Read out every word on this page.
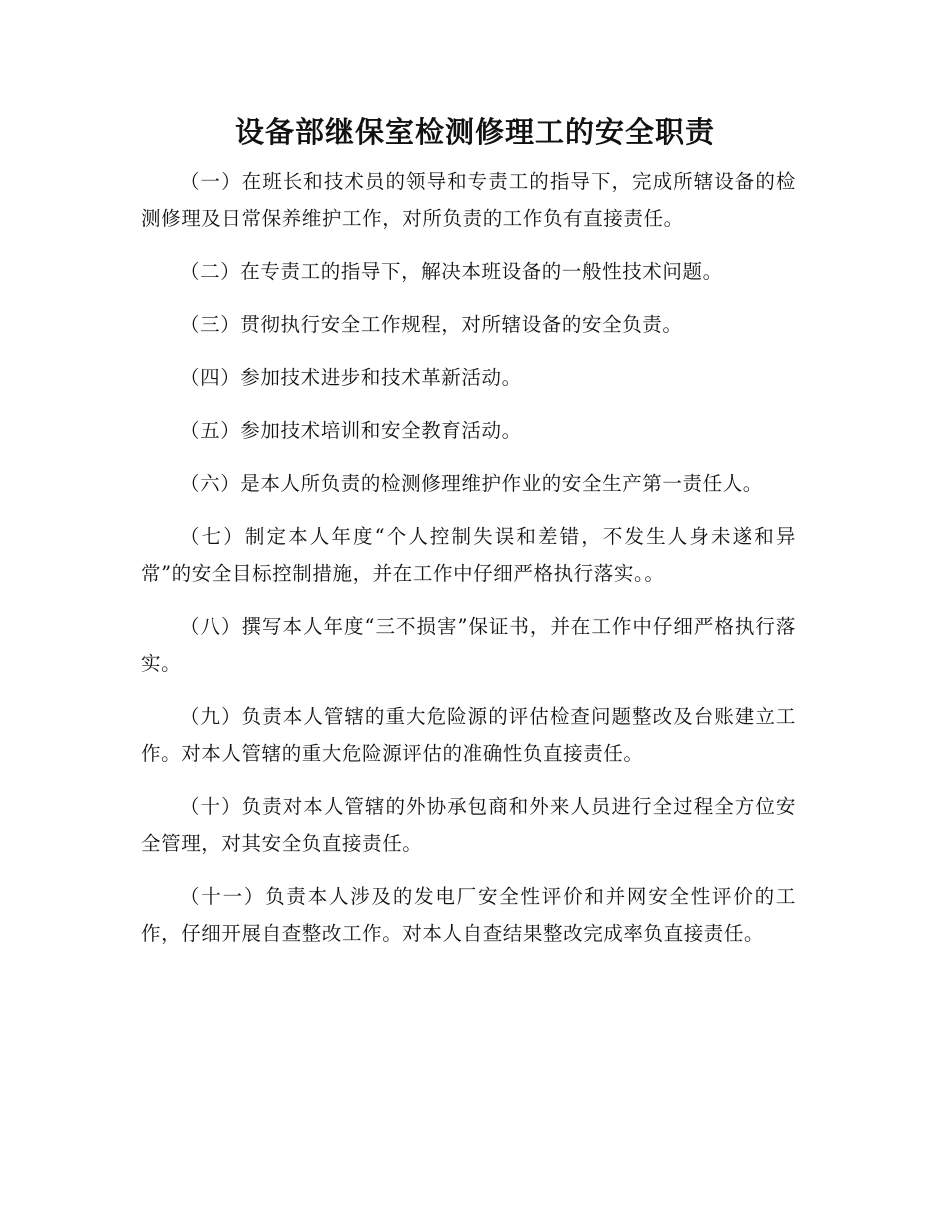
设备部继保室检测修理工的安全职责

（一）在班长和技术员的领导和专责工的指导下，完成所辖设备的检测修理及日常保养维护工作，对所负责的工作负有直接责任。

（二）在专责工的指导下，解决本班设备的一般性技术问题。

（三）贯彻执行安全工作规程，对所辖设备的安全负责。

（四）参加技术进步和技术革新活动。

（五）参加技术培训和安全教育活动。

（六）是本人所负责的检测修理维护作业的安全生产第一责任人。

（七）制定本人年度“个人控制失误和差错，不发生人身未遂和异常”的安全目标控制措施，并在工作中仔细严格执行落实。。

（八）撰写本人年度“三不损害”保证书，并在工作中仔细严格执行落实。

（九）负责本人管辖的重大危险源的评估检查问题整改及台账建立工作。对本人管辖的重大危险源评估的准确性负直接责任。

（十）负责对本人管辖的外协承包商和外来人员进行全过程全方位安全管理，对其安全负直接责任。

（十一）负责本人涉及的发电厂安全性评价和并网安全性评价的工作，仔细开展自查整改工作。对本人自查结果整改完成率负直接责任。
